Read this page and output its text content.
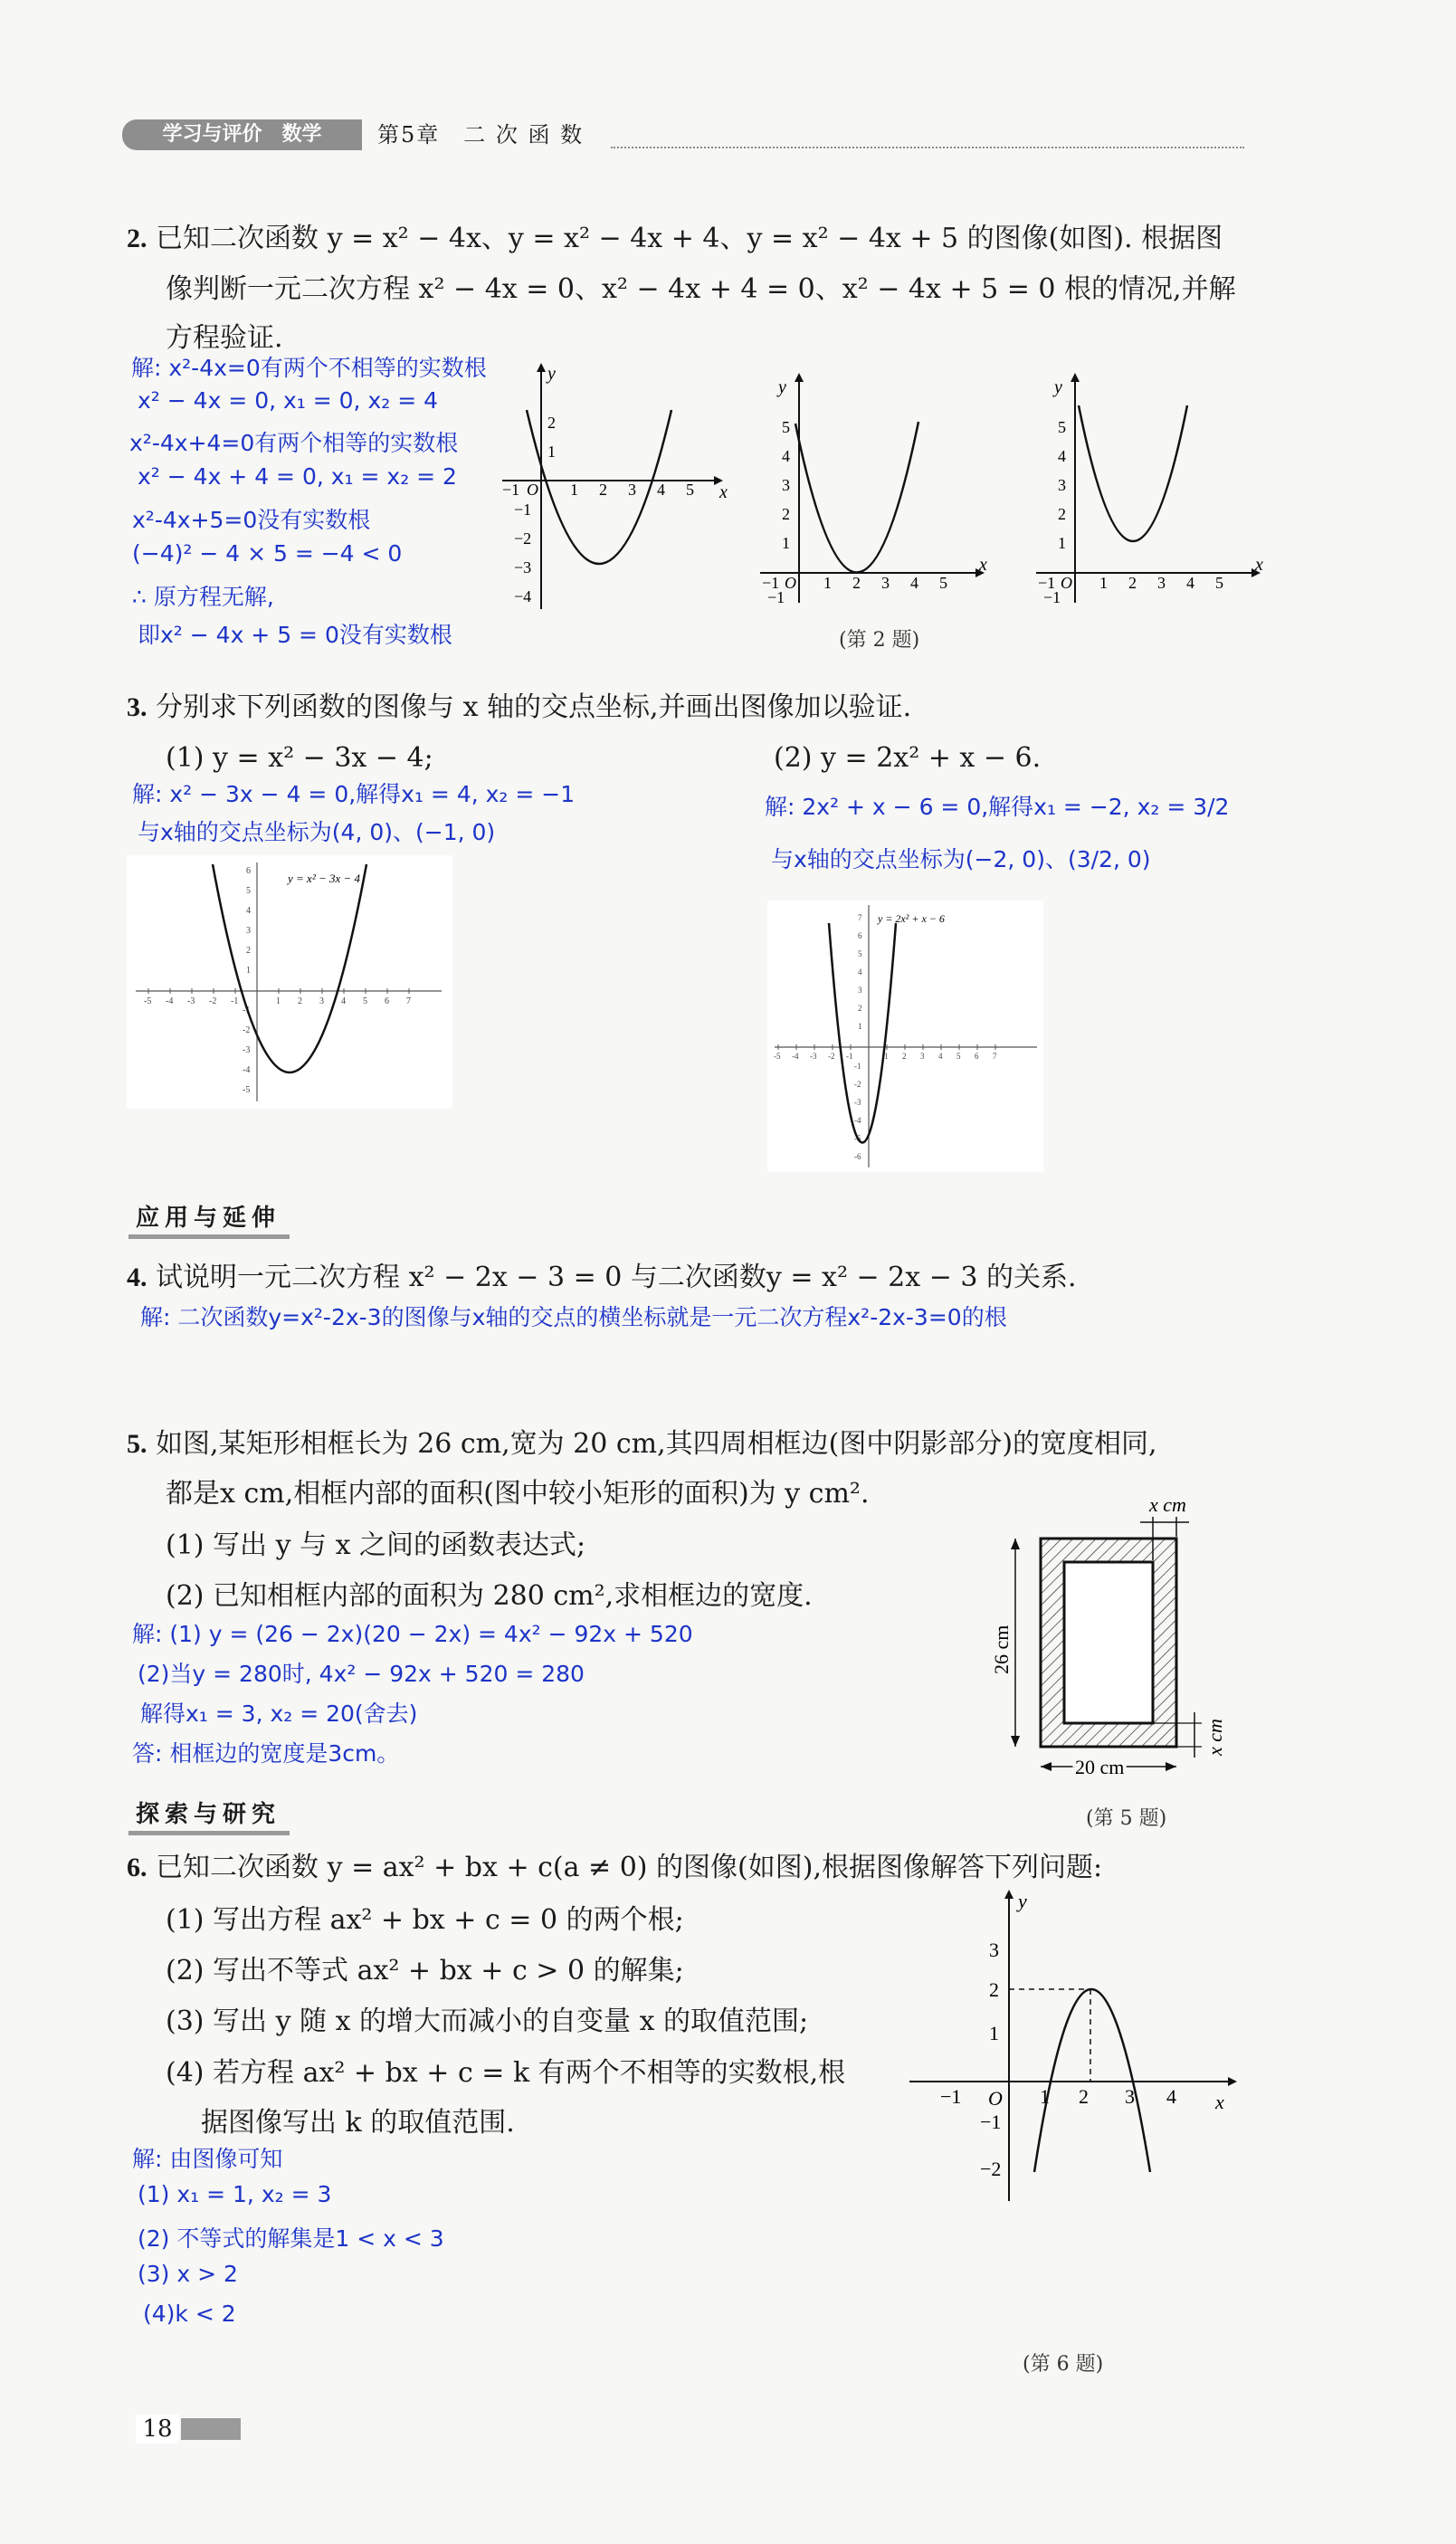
学习与评价　数学	第5章　二 次 函 数
2. 已知二次函数 y = x² − 4x、y = x² − 4x + 4、y = x² − 4x + 5 的图像(如图). 根据图
像判断一元二次方程 x² − 4x = 0、x² − 4x + 4 = 0、x² − 4x + 5 = 0 根的情况,并解
方程验证.
解: x²-4x=0有两个不相等的实数根
x² − 4x = 0, x₁ = 0, x₂ = 4
x²-4x+4=0有两个相等的实数根
x² − 4x + 4 = 0, x₁ = x₂ = 2
x²-4x+5=0没有实数根
(−4)² − 4 × 5 = −4 < 0
∴ 原方程无解,
即x² − 4x + 5 = 0没有实数根
x
y
−1 O 1 2 3 4 5
2
1
−1
−2
−3
−4
x
y
−1 O 1 2 3 4 5
5
4
3
2
1
−1
x
y
−1 O 1 2 3 4 5
5
4
3
2
1
−1
(第 2 题)
3. 分别求下列函数的图像与 x 轴的交点坐标,并画出图像加以验证.
(1) y = x² − 3x − 4;	(2) y = 2x² + x − 6.
解: x² − 3x − 4 = 0,解得x₁ = 4, x₂ = −1
与x轴的交点坐标为(4, 0)、(−1, 0)
解: 2x² + x − 6 = 0,解得x₁ = −2, x₂ = 3/2
与x轴的交点坐标为(−2, 0)、(3/2, 0)
-5 -4 -3 -2 -1	1 2 3 4 5 6 7
6
5
4
3
2
1
-1
-2
-3
-4
-5
y = x² − 3x − 4
-5 -4 -3 -2 -1	1 2 3 4 5 6 7
7
6
5
4
3
2
1
-1
-2
-3
-4
-5
-6
y = 2x² + x − 6
应用与延伸
4. 试说明一元二次方程 x² − 2x − 3 = 0 与二次函数y = x² − 2x − 3 的关系.
解: 二次函数y=x²-2x-3的图像与x轴的交点的横坐标就是一元二次方程x²-2x-3=0的根
5. 如图,某矩形相框长为 26 cm,宽为 20 cm,其四周相框边(图中阴影部分)的宽度相同,
都是x cm,相框内部的面积(图中较小矩形的面积)为 y cm².
(1) 写出 y 与 x 之间的函数表达式;
(2) 已知相框内部的面积为 280 cm²,求相框边的宽度.
解: (1) y = (26 − 2x)(20 − 2x) = 4x² − 92x + 520
(2)当y = 280时, 4x² − 92x + 520 = 280
解得x₁ = 3, x₂ = 20(舍去)
答: 相框边的宽度是3cm。
x cm
26 cm
x cm
20 cm
(第 5 题)
探索与研究
6. 已知二次函数 y = ax² + bx + c(a ≠ 0) 的图像(如图),根据图像解答下列问题:
(1) 写出方程 ax² + bx + c = 0 的两个根;
(2) 写出不等式 ax² + bx + c > 0 的解集;
(3) 写出 y 随 x 的增大而减小的自变量 x 的取值范围;
(4) 若方程 ax² + bx + c = k 有两个不相等的实数根,根
据图像写出 k 的取值范围.
解: 由图像可知
(1) x₁ = 1, x₂ = 3
(2) 不等式的解集是1 < x < 3
(3) x > 2
(4)k < 2
x
y
−1 O 1 2 3 4
3
2
1
−1
−2
(第 6 题)
18
